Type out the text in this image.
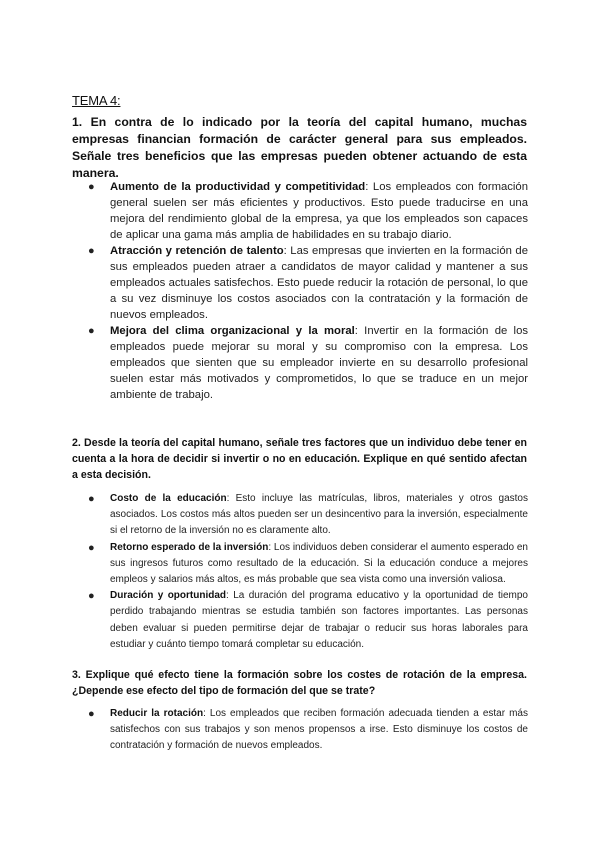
TEMA 4:
1. En contra de lo indicado por la teoría del capital humano, muchas empresas financian formación de carácter general para sus empleados. Señale tres beneficios que las empresas pueden obtener actuando de esta manera.
● Aumento de la productividad y competitividad: Los empleados con formación general suelen ser más eficientes y productivos. Esto puede traducirse en una mejora del rendimiento global de la empresa, ya que los empleados son capaces de aplicar una gama más amplia de habilidades en su trabajo diario.
● Atracción y retención de talento: Las empresas que invierten en la formación de sus empleados pueden atraer a candidatos de mayor calidad y mantener a sus empleados actuales satisfechos. Esto puede reducir la rotación de personal, lo que a su vez disminuye los costos asociados con la contratación y la formación de nuevos empleados.
● Mejora del clima organizacional y la moral: Invertir en la formación de los empleados puede mejorar su moral y su compromiso con la empresa. Los empleados que sienten que su empleador invierte en su desarrollo profesional suelen estar más motivados y comprometidos, lo que se traduce en un mejor ambiente de trabajo.
2. Desde la teoría del capital humano, señale tres factores que un individuo debe tener en cuenta a la hora de decidir si invertir o no en educación. Explique en qué sentido afectan a esta decisión.
● Costo de la educación: Esto incluye las matrículas, libros, materiales y otros gastos asociados. Los costos más altos pueden ser un desincentivo para la inversión, especialmente si el retorno de la inversión no es claramente alto.
● Retorno esperado de la inversión: Los individuos deben considerar el aumento esperado en sus ingresos futuros como resultado de la educación. Si la educación conduce a mejores empleos y salarios más altos, es más probable que sea vista como una inversión valiosa.
● Duración y oportunidad: La duración del programa educativo y la oportunidad de tiempo perdido trabajando mientras se estudia también son factores importantes. Las personas deben evaluar si pueden permitirse dejar de trabajar o reducir sus horas laborales para estudiar y cuánto tiempo tomará completar su educación.
3. Explique qué efecto tiene la formación sobre los costes de rotación de la empresa. ¿Depende ese efecto del tipo de formación del que se trate?
● Reducir la rotación: Los empleados que reciben formación adecuada tienden a estar más satisfechos con sus trabajos y son menos propensos a irse. Esto disminuye los costos de contratación y formación de nuevos empleados.
